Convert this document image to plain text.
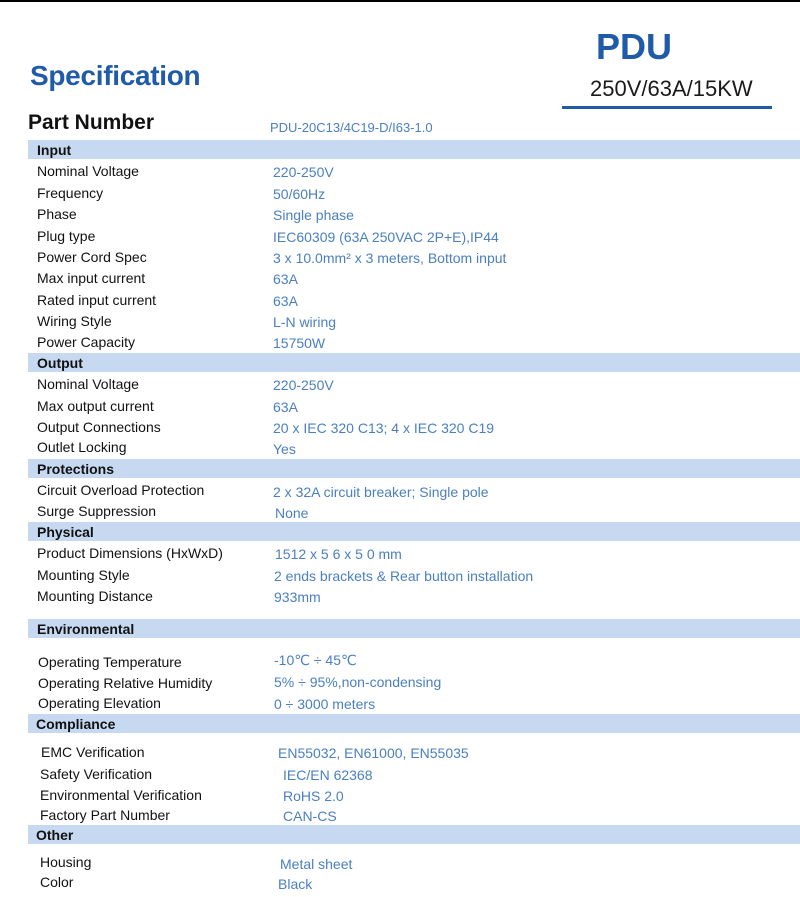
Specification
PDU
250V/63A/15KW
Part Number	PDU-20C13/4C19-D/I63-1.0
Input
Nominal Voltage	220-250V
Frequency	50/60Hz
Phase	Single phase
Plug type	IEC60309 (63A 250VAC 2P+E),IP44
Power Cord Spec	3 x 10.0mm² x 3 meters, Bottom input
Max input current	63A
Rated input current	63A
Wiring Style	L-N wiring
Power Capacity	15750W
Output
Nominal Voltage	220-250V
Max output current	63A
Output Connections	20 x IEC 320 C13; 4 x IEC 320 C19
Outlet Locking	Yes
Protections
Circuit Overload Protection	2 x 32A circuit breaker; Single pole
Surge Suppression	None
Physical
Product Dimensions (HxWxD)	1512 x 5 6 x 5 0 mm
Mounting Style	2 ends brackets & Rear button installation
Mounting Distance	933mm
Environmental
Operating Temperature	-10℃ ÷ 45℃
Operating Relative Humidity	5% ÷ 95%,non-condensing
Operating Elevation	0 ÷ 3000 meters
Compliance
EMC Verification	EN55032, EN61000, EN55035
Safety Verification	IEC/EN 62368
Environmental Verification	RoHS 2.0
Factory Part Number	CAN-CS
Other
Housing	Metal sheet
Color	Black
